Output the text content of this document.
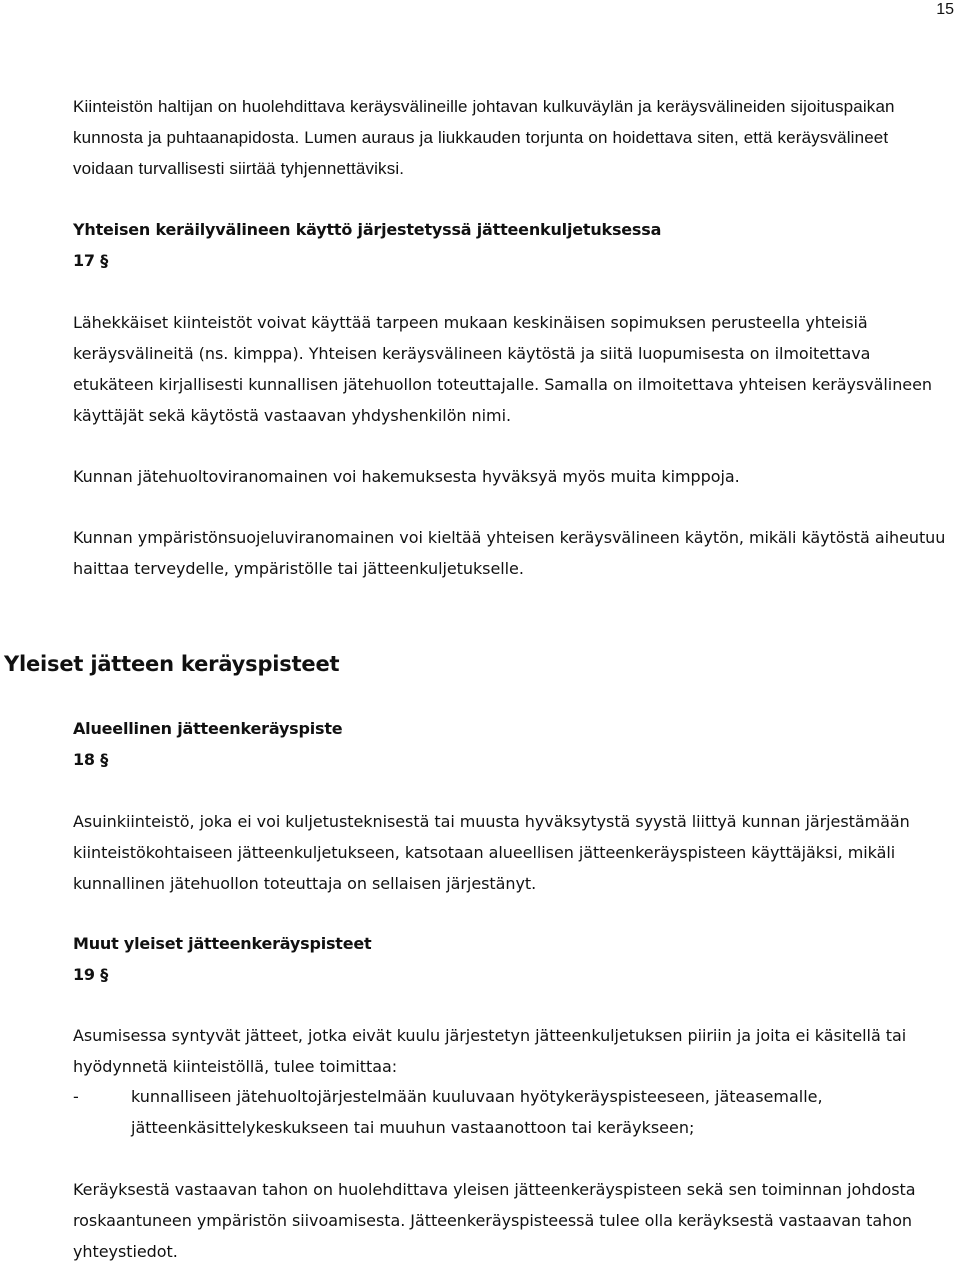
15

Kiinteistön haltijan on huolehdittava keräysvälineille johtavan kulkuväylän ja keräysvälineiden sijoituspaikan kunnosta ja puhtaanapidosta. Lumen auraus ja liukkauden torjunta on hoidettava siten, että keräysvälineet voidaan turvallisesti siirtää tyhjennettäviksi.

Yhteisen keräilyvälineen käyttö järjestetyssä jätteenkuljetuksessa

17 §

Lähekkäiset kiinteistöt voivat käyttää tarpeen mukaan keskinäisen sopimuksen perusteella yhteisiä keräysvälineitä (ns. kimppa). Yhteisen keräysvälineen käytöstä ja siitä luopumisesta on ilmoitettava etukäteen kirjallisesti kunnallisen jätehuollon toteuttajalle. Samalla on ilmoitettava yhteisen keräysvälineen käyttäjät sekä käytöstä vastaavan yhdyshenkilön nimi.

Kunnan jätehuoltoviranomainen voi hakemuksesta hyväksyä myös muita kimppoja.

Kunnan ympäristönsuojeluviranomainen voi kieltää yhteisen keräysvälineen käytön, mikäli käytöstä aiheutuu haittaa terveydelle, ympäristölle tai jätteenkuljetukselle.

Yleiset jätteen keräyspisteet

Alueellinen jätteenkeräyspiste

18 §

Asuinkiinteistö, joka ei voi kuljetusteknisestä tai muusta hyväksytystä syystä liittyä kunnan järjestämään kiinteistökohtaiseen jätteenkuljetukseen, katsotaan alueellisen jätteenkeräyspisteen käyttäjäksi, mikäli kunnallinen jätehuollon toteuttaja on sellaisen järjestänyt.

Muut yleiset jätteenkeräyspisteet

19 §

Asumisessa syntyvät jätteet, jotka eivät kuulu järjestetyn jätteenkuljetuksen piiriin ja joita ei käsitellä tai hyödynnetä kiinteistöllä, tulee toimittaa:

-	kunnalliseen jätehuoltojärjestelmään kuuluvaan hyötykeräyspisteeseen, jäteasemalle, jätteenkäsittelykeskukseen tai muuhun vastaanottoon tai keräykseen;

Keräyksestä vastaavan tahon on huolehdittava yleisen jätteenkeräyspisteen sekä sen toiminnan johdosta roskaantuneen ympäristön siivoamisesta. Jätteenkeräyspisteessä tulee olla keräyksestä vastaavan tahon yhteystiedot.
